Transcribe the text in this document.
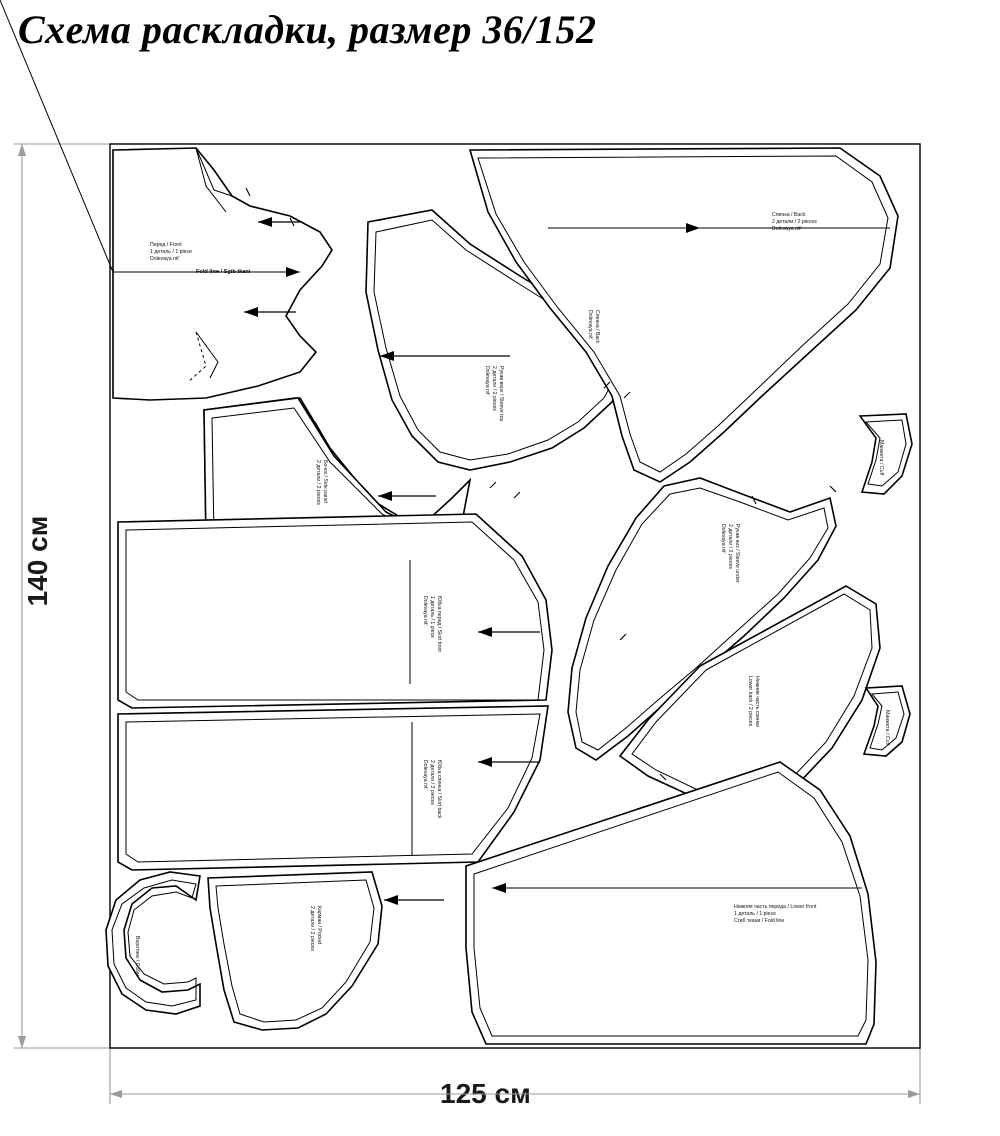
Схема раскладки, размер 36/152
140 см
125 см
Перед / Front 1 деталь / 1 piece Dolevaya nit'
Fold line / Sgib tkani
Рукав верх / Sleeve top 2 детали / 2 pieces Dolevaya nit'
Спинка / Back 2 детали / 2 pieces Dolevaya nit'
Спинка / Back Dolevaya nit'
Бочок / Side panel 2 детали / 2 pieces
Юбка перед / Skirt front 1 деталь / 1 piece Dolevaya nit'
Юбка спинка / Skirt back 2 детали / 2 pieces Dolevaya nit'
Рукав низ / Sleeve under 2 детали / 2 pieces Dolevaya nit'
Нижняя часть спинки Lower back / 2 pieces
Манжета / Cuff
Манжета / Cuff
Воротник / Collar
Карман / Pocket 2 детали / 2 pieces	Нижняя часть переда / Lower front 1 деталь / 1 piece Сгиб ткани / Fold line
